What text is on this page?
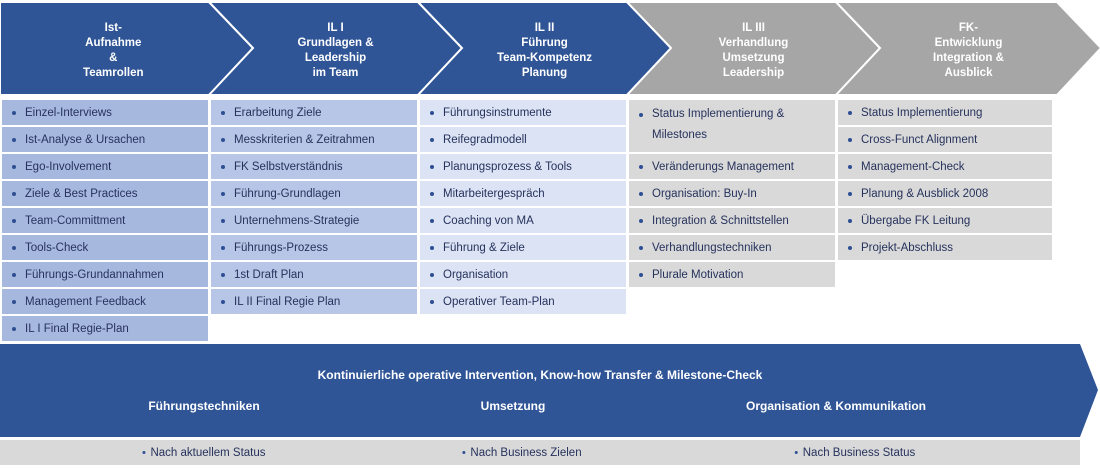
Ist-
Aufnahme
&
Teamrollen
IL I
Grundlagen &
Leadership
im Team
IL II
Führung
Team-Kompetenz
Planung
IL III
Verhandlung
Umsetzung
Leadership
FK-
Entwicklung
Integration &
Ausblick
Einzel-Interviews
Ist-Analyse & Ursachen
Ego-Involvement
Ziele & Best Practices
Team-Committment
Tools-Check
Führungs-Grundannahmen
Management Feedback
IL I Final Regie-Plan
Erarbeitung Ziele
Messkriterien & Zeitrahmen
FK Selbstverständnis
Führung-Grundlagen
Unternehmens-Strategie
Führungs-Prozess
1st Draft Plan
IL II Final Regie Plan
Führungsinstrumente
Reifegradmodell
Planungsprozess & Tools
Mitarbeitergespräch
Coaching von MA
Führung & Ziele
Organisation
Operativer Team-Plan
Status Implementierung & Milestones
Veränderungs Management
Organisation: Buy-In
Integration & Schnittstellen
Verhandlungstechniken
Plurale Motivation
Status Implementierung
Cross-Funct Alignment
Management-Check
Planung & Ausblick 2008
Übergabe FK Leitung
Projekt-Abschluss
Kontinuierliche operative Intervention, Know-how Transfer & Milestone-Check
Führungstechniken	Umsetzung	Organisation & Kommunikation
Nach aktuellem Status	Nach Business Zielen	Nach Business Status
